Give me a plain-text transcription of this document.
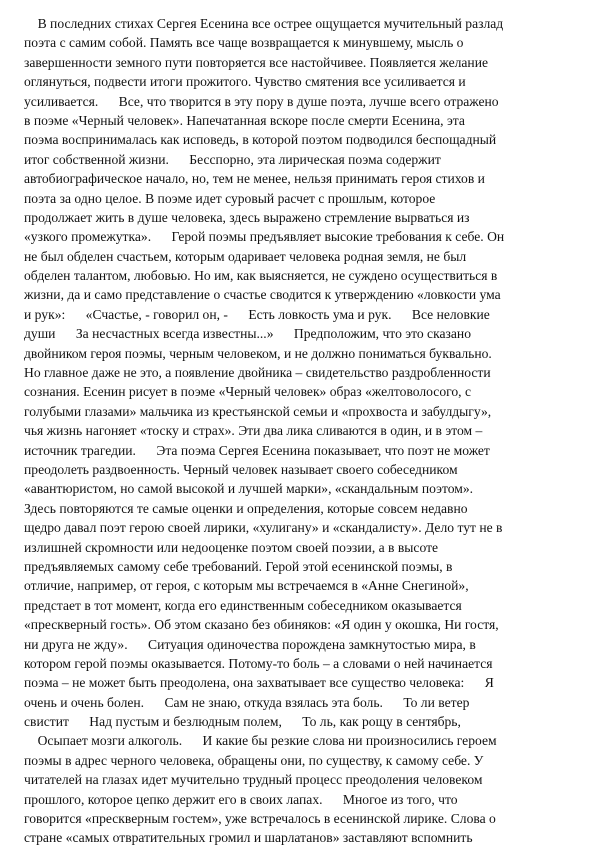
В последних стихах Сергея Есенина все острее ощущается мучительный разлад
поэта с самим собой. Память все чаще возвращается к минувшему, мысль о
завершенности земного пути повторяется все настойчивее. Появляется желание
оглянуться, подвести итоги прожитого. Чувство смятения все усиливается и
усиливается.      Все, что творится в эту пору в душе поэта, лучше всего отражено
в поэме «Черный человек». Напечатанная вскоре после смерти Есенина, эта
поэма воспринималась как исповедь, в которой поэтом подводился беспощадный
итог собственной жизни.      Бесспорно, эта лирическая поэма содержит
автобиографическое начало, но, тем не менее, нельзя принимать героя стихов и
поэта за одно целое. В поэме идет суровый расчет с прошлым, которое
продолжает жить в душе человека, здесь выражено стремление вырваться из
«узкого промежутка».      Герой поэмы предъявляет высокие требования к себе. Он
не был обделен счастьем, которым одаривает человека родная земля, не был
обделен талантом, любовью. Но им, как выясняется, не суждено осуществиться в
жизни, да и само представление о счастье сводится к утверждению «ловкости ума
и рук»:      «Счастье, - говорил он, -      Есть ловкость ума и рук.      Все неловкие
души      За несчастных всегда известны...»      Предположим, что это сказано
двойником героя поэмы, черным человеком, и не должно пониматься буквально.
Но главное даже не это, а появление двойника – свидетельство раздробленности
сознания. Есенин рисует в поэме «Черный человек» образ «желтоволосого, с
голубыми глазами» мальчика из крестьянской семьи и «прохвоста и забулдыгу»,
чья жизнь нагоняет «тоску и страх». Эти два лика сливаются в один, и в этом –
источник трагедии.      Эта поэма Сергея Есенина показывает, что поэт не может
преодолеть раздвоенность. Черный человек называет своего собеседником
«авантюристом, но самой высокой и лучшей марки», «скандальным поэтом».
Здесь повторяются те самые оценки и определения, которые совсем недавно
щедро давал поэт герою своей лирики, «хулигану» и «скандалисту». Дело тут не в
излишней скромности или недооценке поэтом своей поэзии, а в высоте
предъявляемых самому себе требований. Герой этой есенинской поэмы, в
отличие, например, от героя, с которым мы встречаемся в «Анне Снегиной»,
предстает в тот момент, когда его единственным собеседником оказывается
«прескверный гость». Об этом сказано без обиняков: «Я один у окошка, Ни гостя,
ни друга не жду».      Ситуация одиночества порождена замкнутостью мира, в
котором герой поэмы оказывается. Потому-то боль – а словами о ней начинается
поэма – не может быть преодолена, она захватывает все существо человека:      Я
очень и очень болен.      Сам не знаю, откуда взялась эта боль.      То ли ветер
свистит      Над пустым и безлюдным полем,      То ль, как рощу в сентябрь,
Осыпает мозги алкоголь.      И какие бы резкие слова ни произносились героем
поэмы в адрес черного человека, обращены они, по существу, к самому себе. У
читателей на глазах идет мучительно трудный процесс преодоления человеком
прошлого, которое цепко держит его в своих лапах.      Многое из того, что
говорится «прескверным гостем», уже встречалось в есенинской лирике. Слова о
стране «самых отвратительных громил и шарлатанов» заставляют вспомнить
